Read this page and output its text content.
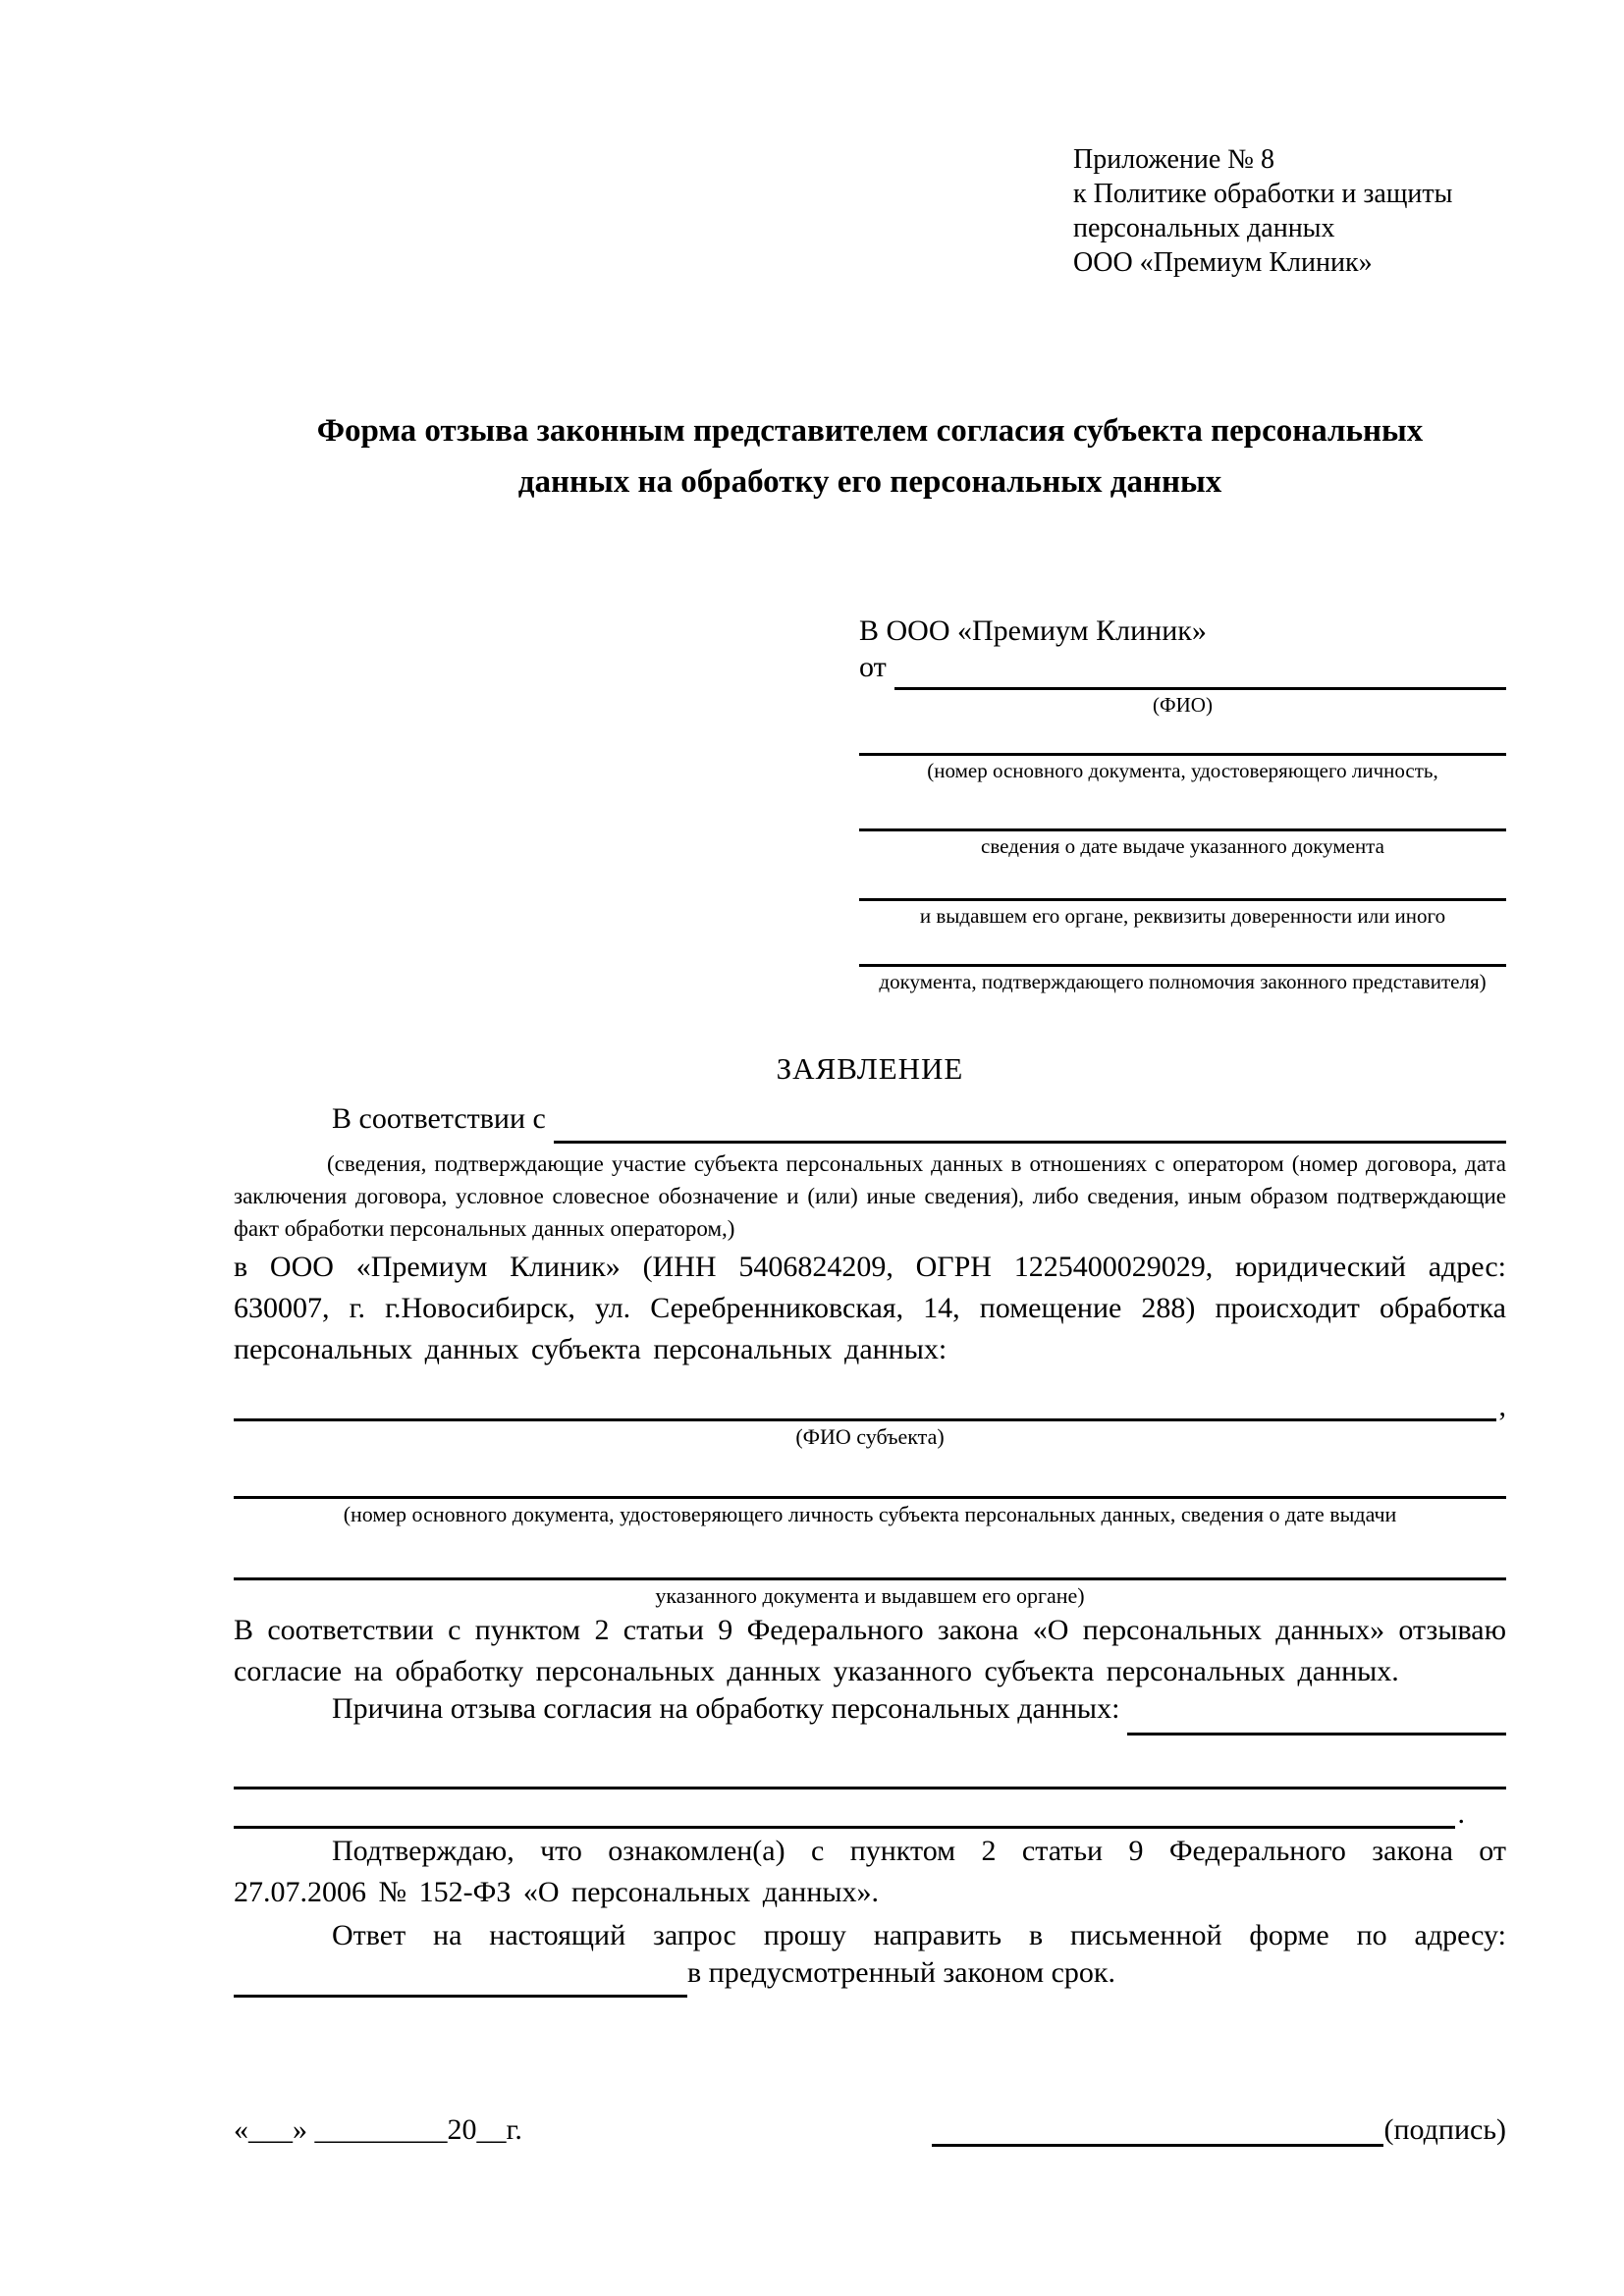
Приложение № 8
к Политике обработки и защиты
персональных данных
ООО «Премиум Клиник»
Форма отзыва законным представителем согласия субъекта персональных данных на обработку его персональных данных
В ООО «Премиум Клиник»
от
(ФИО)
(номер основного документа, удостоверяющего личность,
сведения о дате выдаче указанного документа
и выдавшем его органе, реквизиты доверенности или иного
документа, подтверждающего полномочия законного представителя)
ЗАЯВЛЕНИЕ
В соответствии с
(сведения, подтверждающие участие субъекта персональных данных в отношениях с оператором (номер договора, дата заключения договора, условное словесное обозначение и (или) иные сведения), либо сведения, иным образом подтверждающие факт обработки персональных данных оператором,)
в ООО «Премиум Клиник» (ИНН 5406824209, ОГРН 1225400029029, юридический адрес: 630007, г. г.Новосибирск, ул. Серебренниковская, 14, помещение 288) происходит обработка персональных данных субъекта персональных данных:
,
(ФИО субъекта)
(номер основного документа, удостоверяющего личность субъекта персональных данных, сведения о дате выдачи
указанного документа и выдавшем его органе)
В соответствии с пунктом 2 статьи 9 Федерального закона «О персональных данных» отзываю согласие на обработку персональных данных указанного субъекта персональных данных.
Причина отзыва согласия на обработку персональных данных:
.
Подтверждаю, что ознакомлен(а) с пунктом 2 статьи 9 Федерального закона от 27.07.2006 № 152-ФЗ «О персональных данных».
Ответ на настоящий запрос прошу направить в письменной форме по адресу:
в предусмотренный законом срок.
«___» _________20__г.	(подпись)
